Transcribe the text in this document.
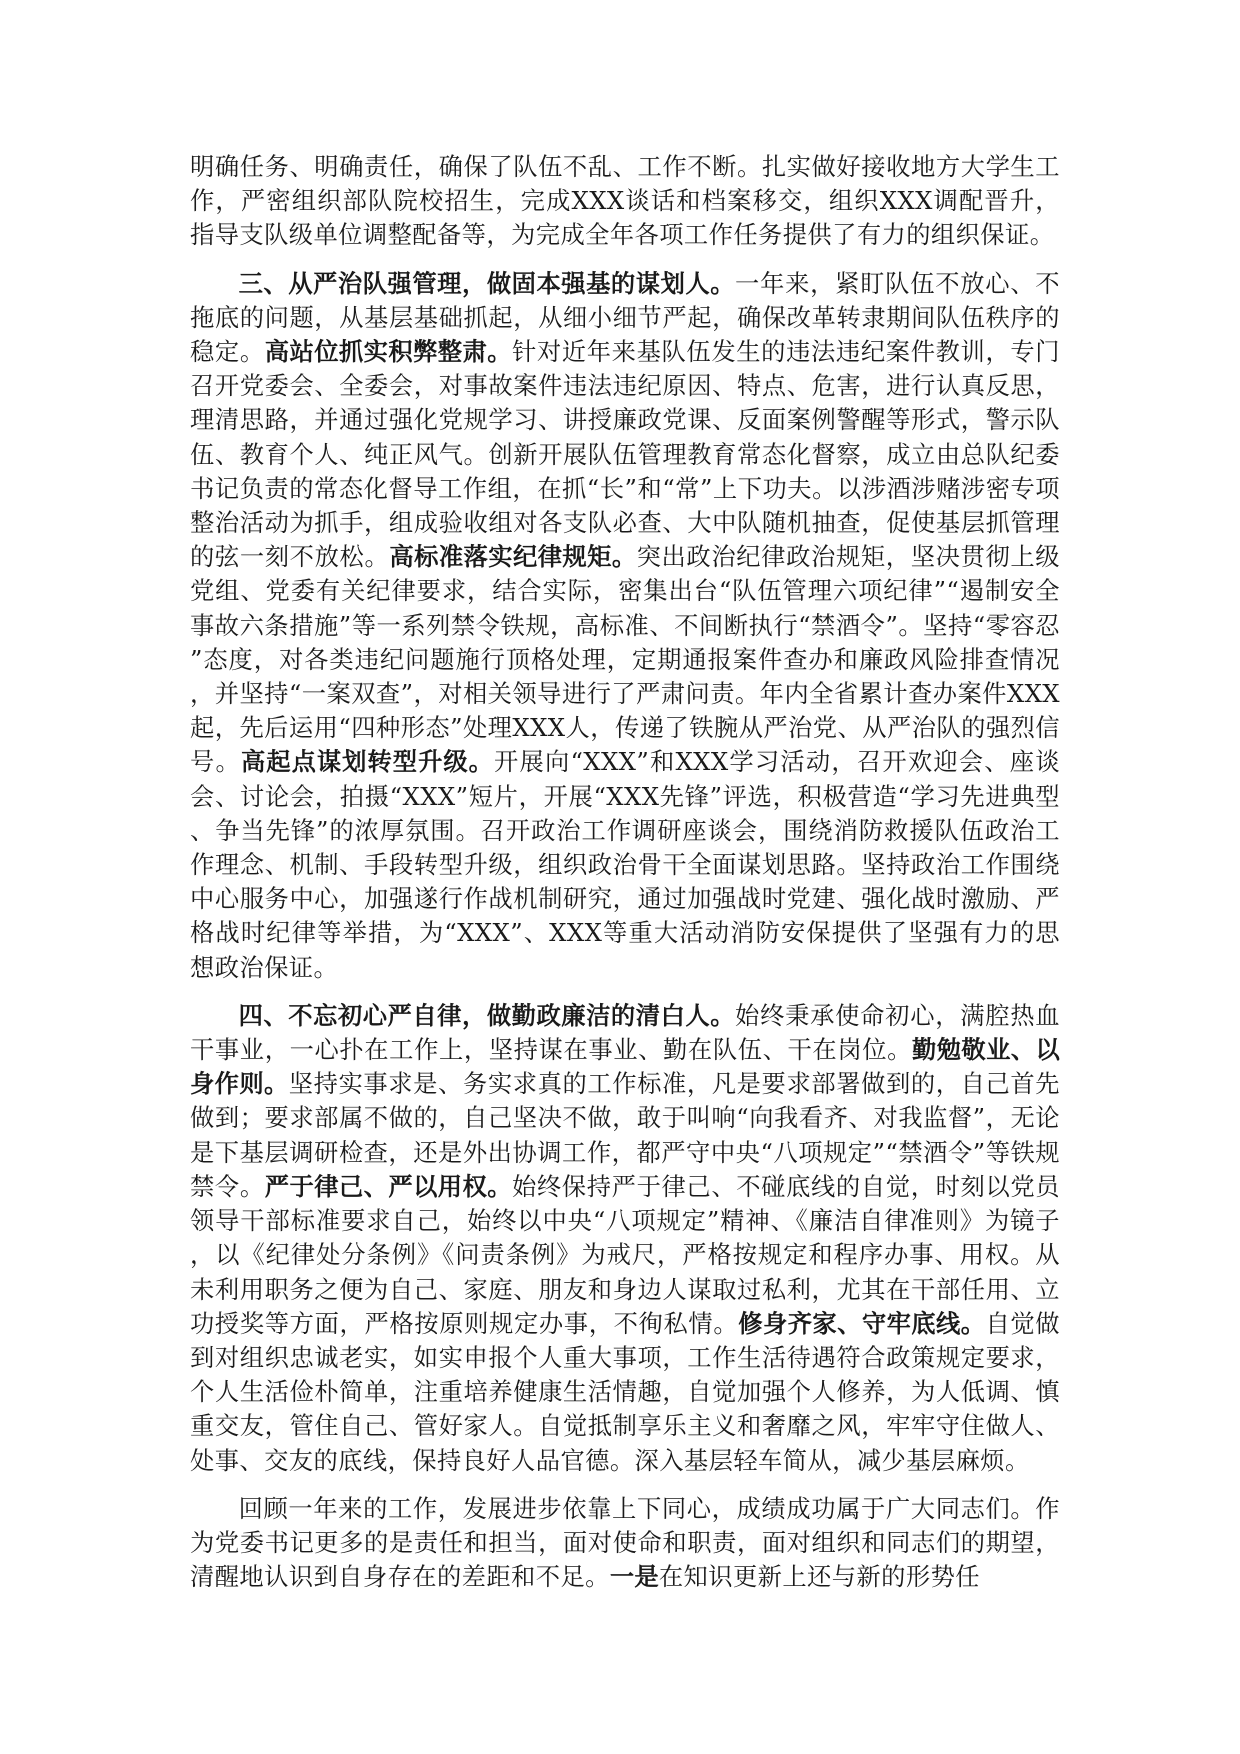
明确任务、明确责任，确保了队伍不乱、工作不断。扎实做好接收地方大学生工作，严密组织部队院校招生，完成XXX谈话和档案移交，组织XXX调配晋升，指导支队级单位调整配备等，为完成全年各项工作任务提供了有力的组织保证。

三、从严治队强管理，做固本强基的谋划人。一年来，紧盯队伍不放心、不拖底的问题，从基层基础抓起，从细小细节严起，确保改革转隶期间队伍秩序的稳定。高站位抓实积弊整肃。针对近年来基队伍发生的违法违纪案件教训，专门召开党委会、全委会，对事故案件违法违纪原因、特点、危害，进行认真反思，理清思路，并通过强化党规学习、讲授廉政党课、反面案例警醒等形式，警示队伍、教育个人、纯正风气。创新开展队伍管理教育常态化督察，成立由总队纪委书记负责的常态化督导工作组，在抓“长”和“常”上下功夫。以涉酒涉赌涉密专项整治活动为抓手，组成验收组对各支队必查、大中队随机抽查，促使基层抓管理的弦一刻不放松。高标准落实纪律规矩。突出政治纪律政治规矩，坚决贯彻上级党组、党委有关纪律要求，结合实际，密集出台“队伍管理六项纪律”“遏制安全事故六条措施”等一系列禁令铁规，高标准、不间断执行“禁酒令”。坚持“零容忍”态度，对各类违纪问题施行顶格处理，定期通报案件查办和廉政风险排查情况，并坚持“一案双查”，对相关领导进行了严肃问责。年内全省累计查办案件XXX起，先后运用“四种形态”处理XXX人，传递了铁腕从严治党、从严治队的强烈信号。高起点谋划转型升级。开展向“XXX”和XXX学习活动，召开欢迎会、座谈会、讨论会，拍摄“XXX”短片，开展“XXX先锋”评选，积极营造“学习先进典型、争当先锋”的浓厚氛围。召开政治工作调研座谈会，围绕消防救援队伍政治工作理念、机制、手段转型升级，组织政治骨干全面谋划思路。坚持政治工作围绕中心服务中心，加强遂行作战机制研究，通过加强战时党建、强化战时激励、严格战时纪律等举措，为“XXX”、XXX等重大活动消防安保提供了坚强有力的思想政治保证。

四、不忘初心严自律，做勤政廉洁的清白人。始终秉承使命初心，满腔热血干事业，一心扑在工作上，坚持谋在事业、勤在队伍、干在岗位。勤勉敬业、以身作则。坚持实事求是、务实求真的工作标准，凡是要求部署做到的，自己首先做到；要求部属不做的，自己坚决不做，敢于叫响“向我看齐、对我监督”，无论是下基层调研检查，还是外出协调工作，都严守中央“八项规定”“禁酒令”等铁规禁令。严于律己、严以用权。始终保持严于律己、不碰底线的自觉，时刻以党员领导干部标准要求自己，始终以中央“八项规定”精神、《廉洁自律准则》为镜子，以《纪律处分条例》《问责条例》为戒尺，严格按规定和程序办事、用权。从未利用职务之便为自己、家庭、朋友和身边人谋取过私利，尤其在干部任用、立功授奖等方面，严格按原则规定办事，不徇私情。修身齐家、守牢底线。自觉做到对组织忠诚老实，如实申报个人重大事项，工作生活待遇符合政策规定要求，个人生活俭朴简单，注重培养健康生活情趣，自觉加强个人修养，为人低调、慎重交友，管住自己、管好家人。自觉抵制享乐主义和奢靡之风，牢牢守住做人、处事、交友的底线，保持良好人品官德。深入基层轻车简从，减少基层麻烦。

回顾一年来的工作，发展进步依靠上下同心，成绩成功属于广大同志们。作为党委书记更多的是责任和担当，面对使命和职责，面对组织和同志们的期望，清醒地认识到自身存在的差距和不足。一是在知识更新上还与新的形势任
